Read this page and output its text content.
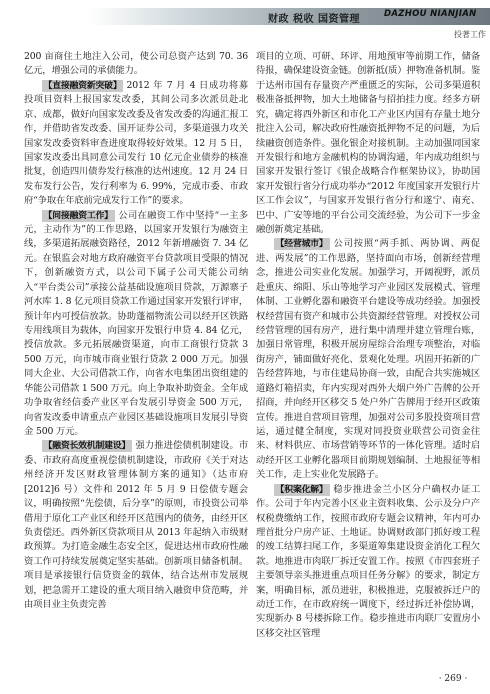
财政 税收 国资管理	DAZHOU NIANJIAN
投著工作

200 亩商住土地注入公司，使公司总资产达到 70. 36 亿元，增强公司的承债能力。

【直接融资新突破】 2012 年 7 月 4 日成功将募投项目资料上报国家发改委，其间公司多次派员赴北京、成都，做好向国家发改委及省发改委的沟通汇报工作，并借助省发改委、国开证券公司，多渠道强力攻关国家发改委资料审查进度取得较好效果。12 月 5 日，国家发改委出具同意公司发行 10 亿元企业债券的核准批复，创造四川债券发行核准的达州速度。12 月 24 日发布发行公告，发行利率为 6. 99%，完成市委、市政府“争取在年底前完成发行工作”的要求。

【间接融资工作】 公司在融资工作中坚持“一主多元，主动作为”的工作思路，以国家开发银行为融资主线，多渠道拓展融资路径，2012 年新增融资 7. 34 亿元。在银监会对地方政府融资平台贷款项目受限的情况下，创新融资方式，以公司下属子公司天能公司纳入“平台类公司”承接公益基础设施项目贷款，万源寨子河水库 1. 8 亿元项目贷款工作通过国家开发银行评审，预计年内可授信放款。协助蓬福物流公司以经开区铁路专用线项目为载体，向国家开发银行申贷 4. 84 亿元，授信放款。多元拓展融资渠道，向市工商银行贷款 3 500 万元，向市城市商业银行贷款 2 000 万元。加强同大企业、大公司借款工作，向省水电集团出资组建的华能公司借款 1 500 万元。向上争取补助资金。全年成功争取省经信委产业区平台发展引导资金 500 万元，向省发改委申请重点产业园区基础设施项目发展引导资金 500 万元。

【融资长效机制建设】 强力推进偿债机制建设。市委、市政府高度重视偿债机制建设，市政府《关于对达州经济开发区财政管理体制方案的通知》（达市府[2012]6 号）文件和 2012 年 5 月 9 日偿债专题会议，明确按照“先偿债，后分享”的原则，市投资公司举借用于原化工产业区和经开区范围内的债务，由经开区负责偿还。西外新区贷款项目从 2013 年起纳入市级财政预算。为打造金融生态安全区，促进达州市政府性融资工作可持续发展奠定坚实基础。创新项目储备机制。项目是承接银行信贷资金的载体，结合达州市发展规划，把急需开工建设的重大项目纳入融资申贷范畴，并由项目业主负责完善

项目的立项、可研、环评、用地预审等前期工作，储备待报，确保建设资金链。创新抵(质）押物准备机制。鉴于达州市国有存量资产严重匮乏的实际，公司多渠道积极准备抵押物，加大土地储备与招拍挂力度。经多方研究，确定将西外新区和市化工产业区内国有存量土地分批注入公司，解决政府性融资抵押物不足的问题，为后续融资创造条件。强化银企对接机制。主动加强同国家开发银行和地方金融机构的协调沟通，年内成功组织与国家开发银行签订《银企战略合作框架协议》，协助国家开发银行省分行成功举办“2012 年度国家开发银行片区工作会议”，与国家开发银行省分行和遂宁、南充、巴中、广安等地的平台公司交流经验，为公司下一步金融创新奠定基础。

【经营城市】 公司按照“两手抓、两协调、两促进、两发展”的工作思路，坚持面向市场，创新经营理念，推进公司实业化发展。加强学习，开阔视野，派员赴重庆、绵阳、乐山等地学习产业园区发展模式、管理体制、工业孵化器和融资平台建设等成功经验。加强授权经营国有资产和城市公共资源经营管理。对授权公司经营管理的国有房产，进行集中清理并建立管理台账，加强日常管理，积极开展房屋综合治理专项整治，对临街房产，铺面做好亮化、景观化处理。巩固开拓新的广告经营阵地，与市住建局协商一致，由配合共实施城区道路灯箱招卖，年内实现对西外大烟户外广告牌的公开招商，并向经开区移交 5 处户外广告牌用于经开区政策宣传。推进自营项目管理，加强对公司多股投资项目营运，通过健全制度，实现对同投资业联营公司资金往来、材料供应、市场营销等环节的一体化管理。适时启动经开区工业孵化器项目前期规划编制、土地报征等相关工作，走上实业化发展路子。

【积案化解】 稳步推进金兰小区分户确权办证工作。公司于年内完善小区业主资料收集、公示及分户产权税费缴纳工作，按照市政府专题会议精神，年内可办理首批分户房产证、土地证。协调财政部门抓好竣工程的竣工结算扫尾工作，多渠道筹集建设资金消化工程欠款。地推进市肉联厂拆迁安置工作。按照《市四套班子主要领导亲头推进重点项目任务分解》的要求，制定方案，明确目标，派员进驻，积极推进，克服被拆迁户的动迁工作，在市政府统一调度下，经过拆迁补偿协调，实现新办 8 号楼拆除工作。稳步推进市肉联厂安置房小区移交社区管理

· 269 ·
